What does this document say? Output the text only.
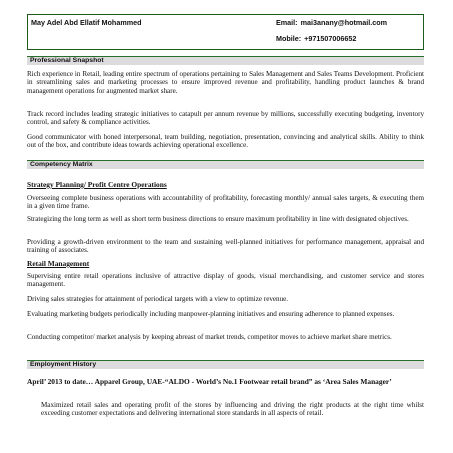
May Adel Abd Ellatif Mohammed	Email: mai3anany@hotmail.com
Mobile: +971507006652
Professional Snapshot
Rich experience in Retail, leading entire spectrum of operations pertaining to Sales Management and Sales Teams Development. Proficient in streamlining sales and marketing processes to ensure improved revenue and profitability, handling product launches & brand management operations for augmented market share.
Track record includes leading strategic initiatives to catapult per annum revenue by millions, successfully executing budgeting, inventory control, and safety & compliance activities.
Good communicator with honed interpersonal, team building, negotiation, presentation, convincing and analytical skills. Ability to think out of the box, and contribute ideas towards achieving operational excellence.
Competency Matrix
Strategy Planning/ Profit Centre Operations
Overseeing complete business operations with accountability of profitability, forecasting monthly/ annual sales targets, & executing them in a given time frame.
Strategizing the long term as well as short term business directions to ensure maximum profitability in line with designated objectives.
Providing a growth-driven environment to the team and sustaining well-planned initiatives for performance management, appraisal and training of associates.
Retail Management
Supervising entire retail operations inclusive of attractive display of goods, visual merchandising, and customer service and stores management.
Driving sales strategies for attainment of periodical targets with a view to optimize revenue.
Evaluating marketing budgets periodically including manpower-planning initiatives and ensuring adherence to planned expenses.
Conducting competitor/ market analysis by keeping abreast of market trends, competitor moves to achieve market share metrics.
Employment History
April’ 2013 to date… Apparel Group, UAE-“ALDO - World’s No.1 Footwear retail brand” as ‘Area Sales Manager’
Maximized retail sales and operating profit of the stores by influencing and driving the right products at the right time whilst exceeding customer expectations and delivering international store standards in all aspects of retail.
